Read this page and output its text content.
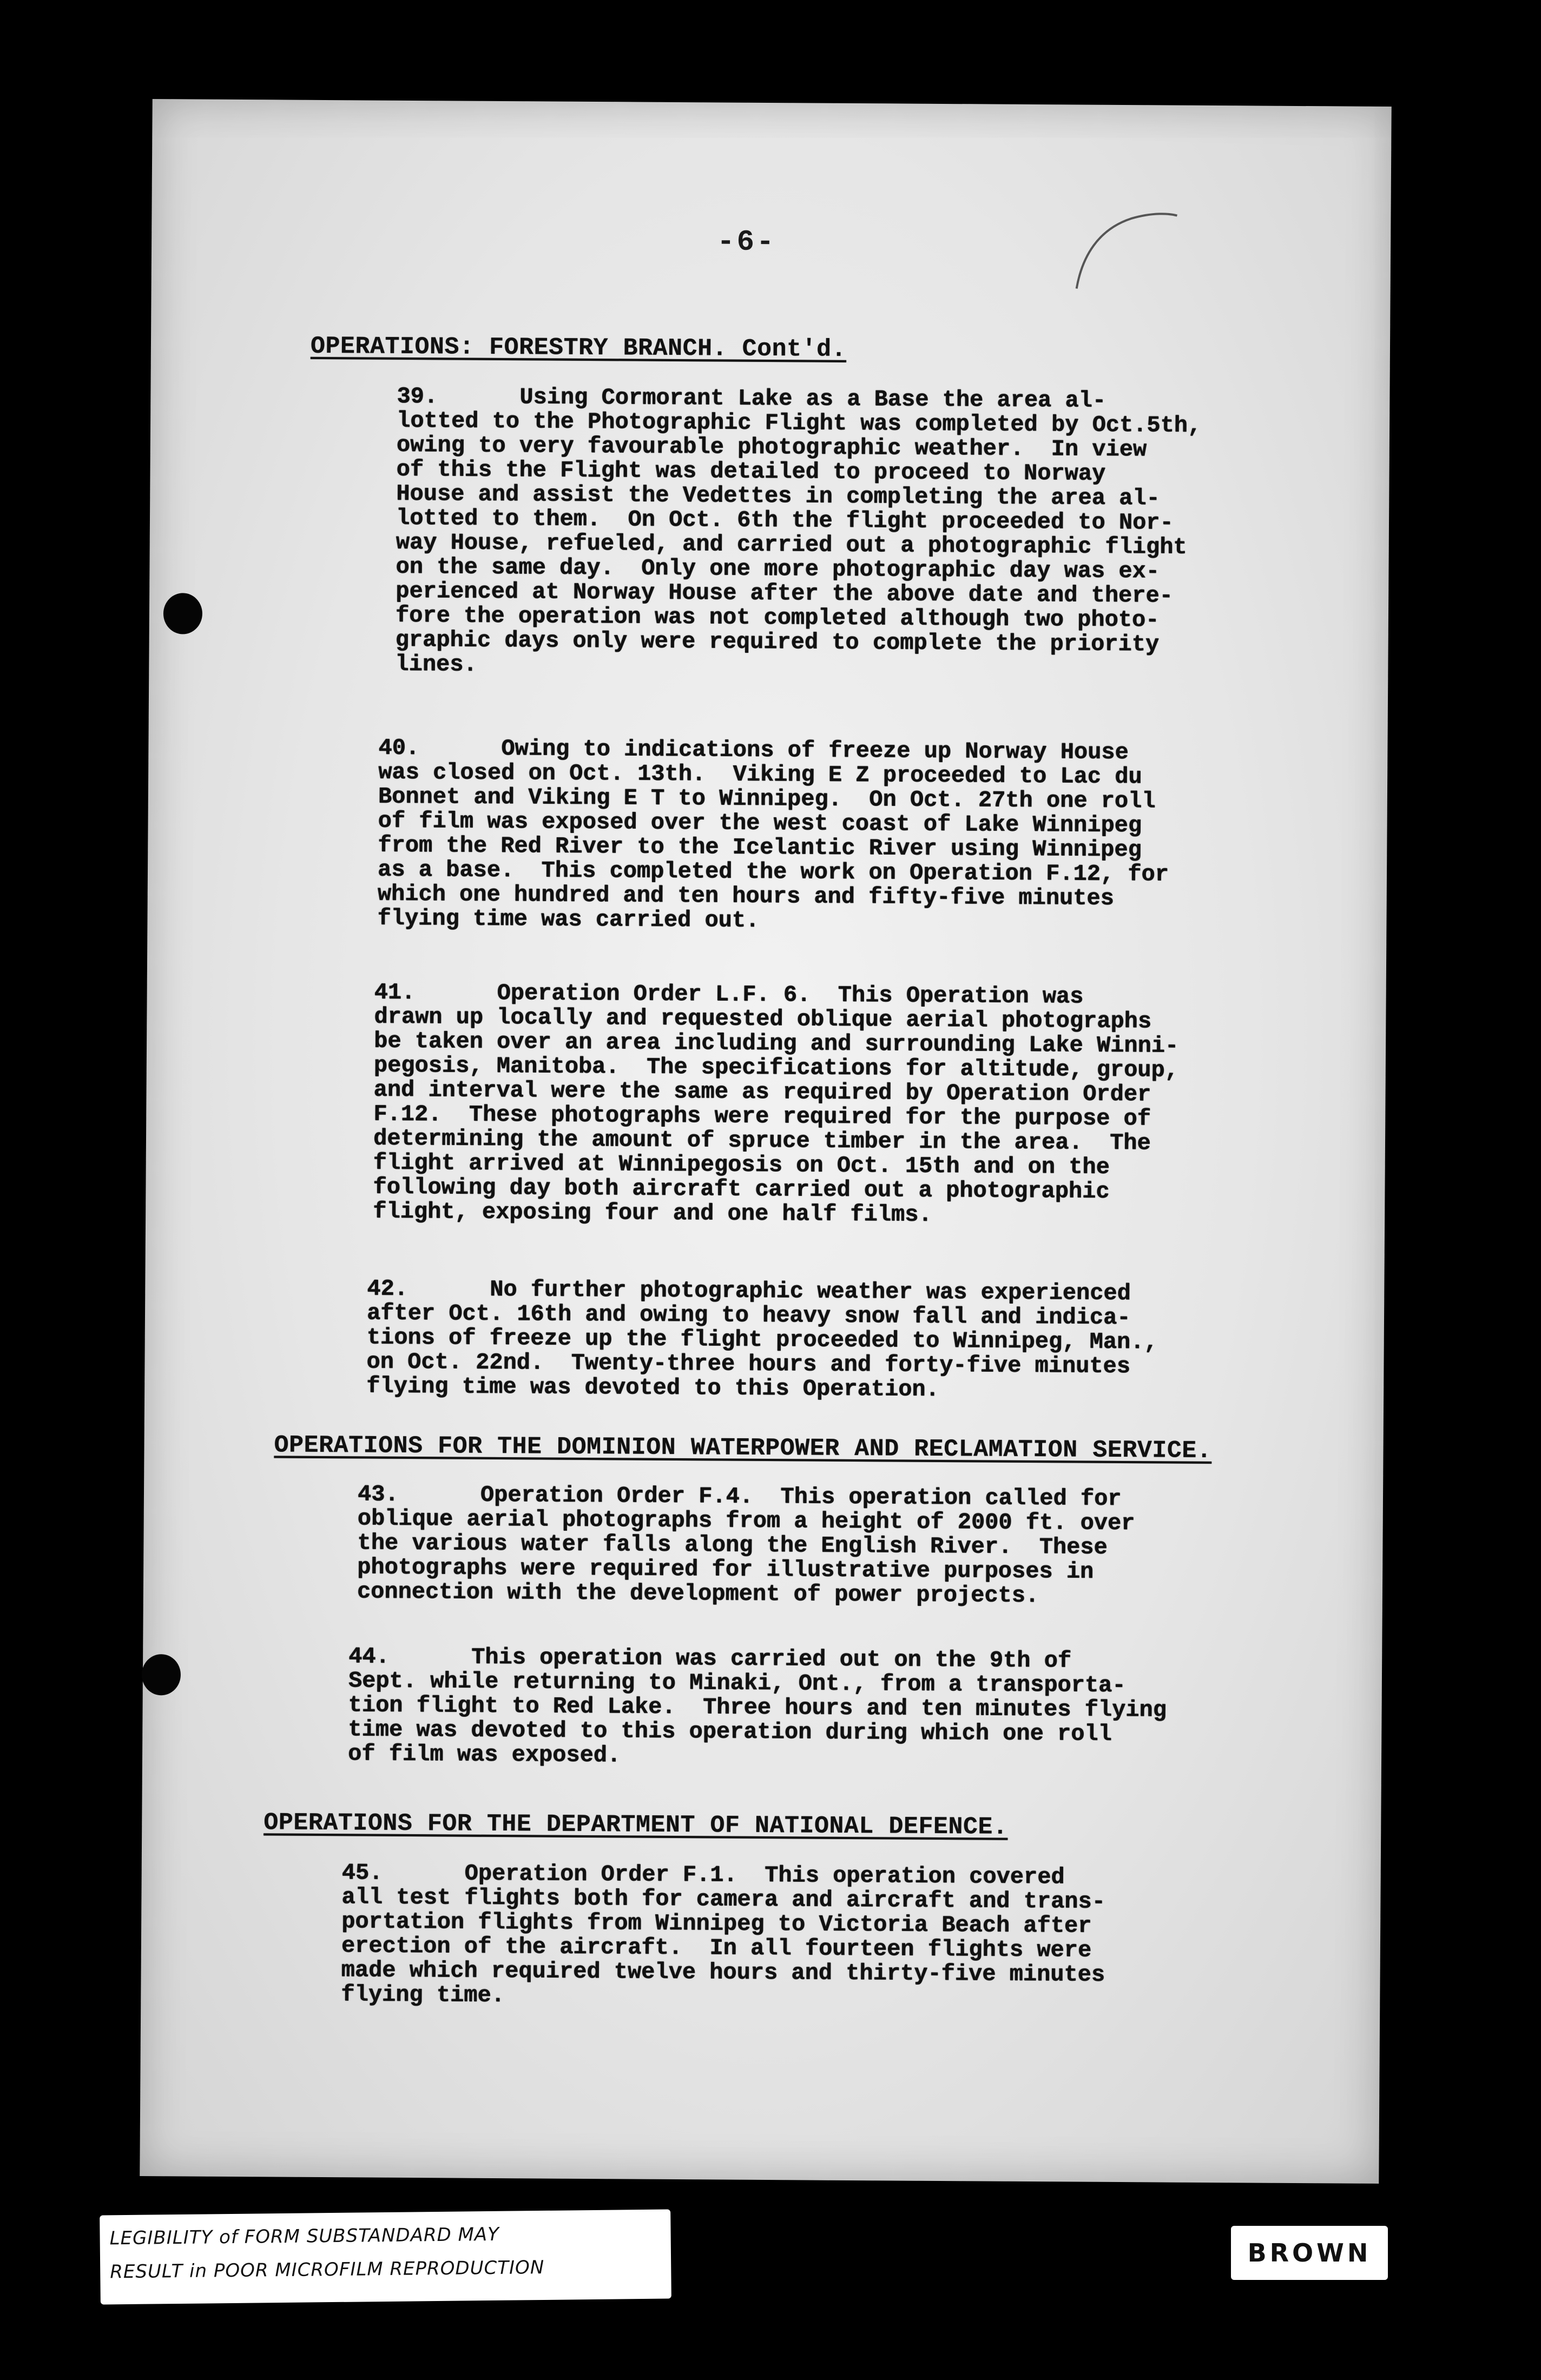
-6-
OPERATIONS: FORESTRY BRANCH. Cont'd.
39.	Using Cormorant Lake as a Base the area al-
lotted to the Photographic Flight was completed by Oct.5th,
owing to very favourable photographic weather.  In view
of this the Flight was detailed to proceed to Norway
House and assist the Vedettes in completing the area al-
lotted to them.  On Oct. 6th the flight proceeded to Nor-
way House, refueled, and carried out a photographic flight
on the same day.  Only one more photographic day was ex-
perienced at Norway House after the above date and there-
fore the operation was not completed although two photo-
graphic days only were required to complete the priority
lines.
40.	Owing to indications of freeze up Norway House
was closed on Oct. 13th.  Viking E Z proceeded to Lac du
Bonnet and Viking E T to Winnipeg.  On Oct. 27th one roll
of film was exposed over the west coast of Lake Winnipeg
from the Red River to the Icelantic River using Winnipeg
as a base.  This completed the work on Operation F.12, for
which one hundred and ten hours and fifty-five minutes
flying time was carried out.
41.	Operation Order L.F. 6.  This Operation was
drawn up locally and requested oblique aerial photographs
be taken over an area including and surrounding Lake Winni-
pegosis, Manitoba.  The specifications for altitude, group,
and interval were the same as required by Operation Order
F.12.  These photographs were required for the purpose of
determining the amount of spruce timber in the area.  The
flight arrived at Winnipegosis on Oct. 15th and on the
following day both aircraft carried out a photographic
flight, exposing four and one half films.
42.	No further photographic weather was experienced
after Oct. 16th and owing to heavy snow fall and indica-
tions of freeze up the flight proceeded to Winnipeg, Man.,
on Oct. 22nd.  Twenty-three hours and forty-five minutes
flying time was devoted to this Operation.
OPERATIONS FOR THE DOMINION WATERPOWER AND RECLAMATION SERVICE.
43.	Operation Order F.4.  This operation called for
oblique aerial photographs from a height of 2000 ft. over
the various water falls along the English River.  These
photographs were required for illustrative purposes in
connection with the development of power projects.
44.	This operation was carried out on the 9th of
Sept. while returning to Minaki, Ont., from a transporta-
tion flight to Red Lake.  Three hours and ten minutes flying
time was devoted to this operation during which one roll
of film was exposed.
OPERATIONS FOR THE DEPARTMENT OF NATIONAL DEFENCE.
45.	Operation Order F.1.  This operation covered
all test flights both for camera and aircraft and trans-
portation flights from Winnipeg to Victoria Beach after
erection of the aircraft.  In all fourteen flights were
made which required twelve hours and thirty-five minutes
flying time.
LEGIBILITY of FORM SUBSTANDARD MAY
RESULT in POOR MICROFILM REPRODUCTION
BROWN
